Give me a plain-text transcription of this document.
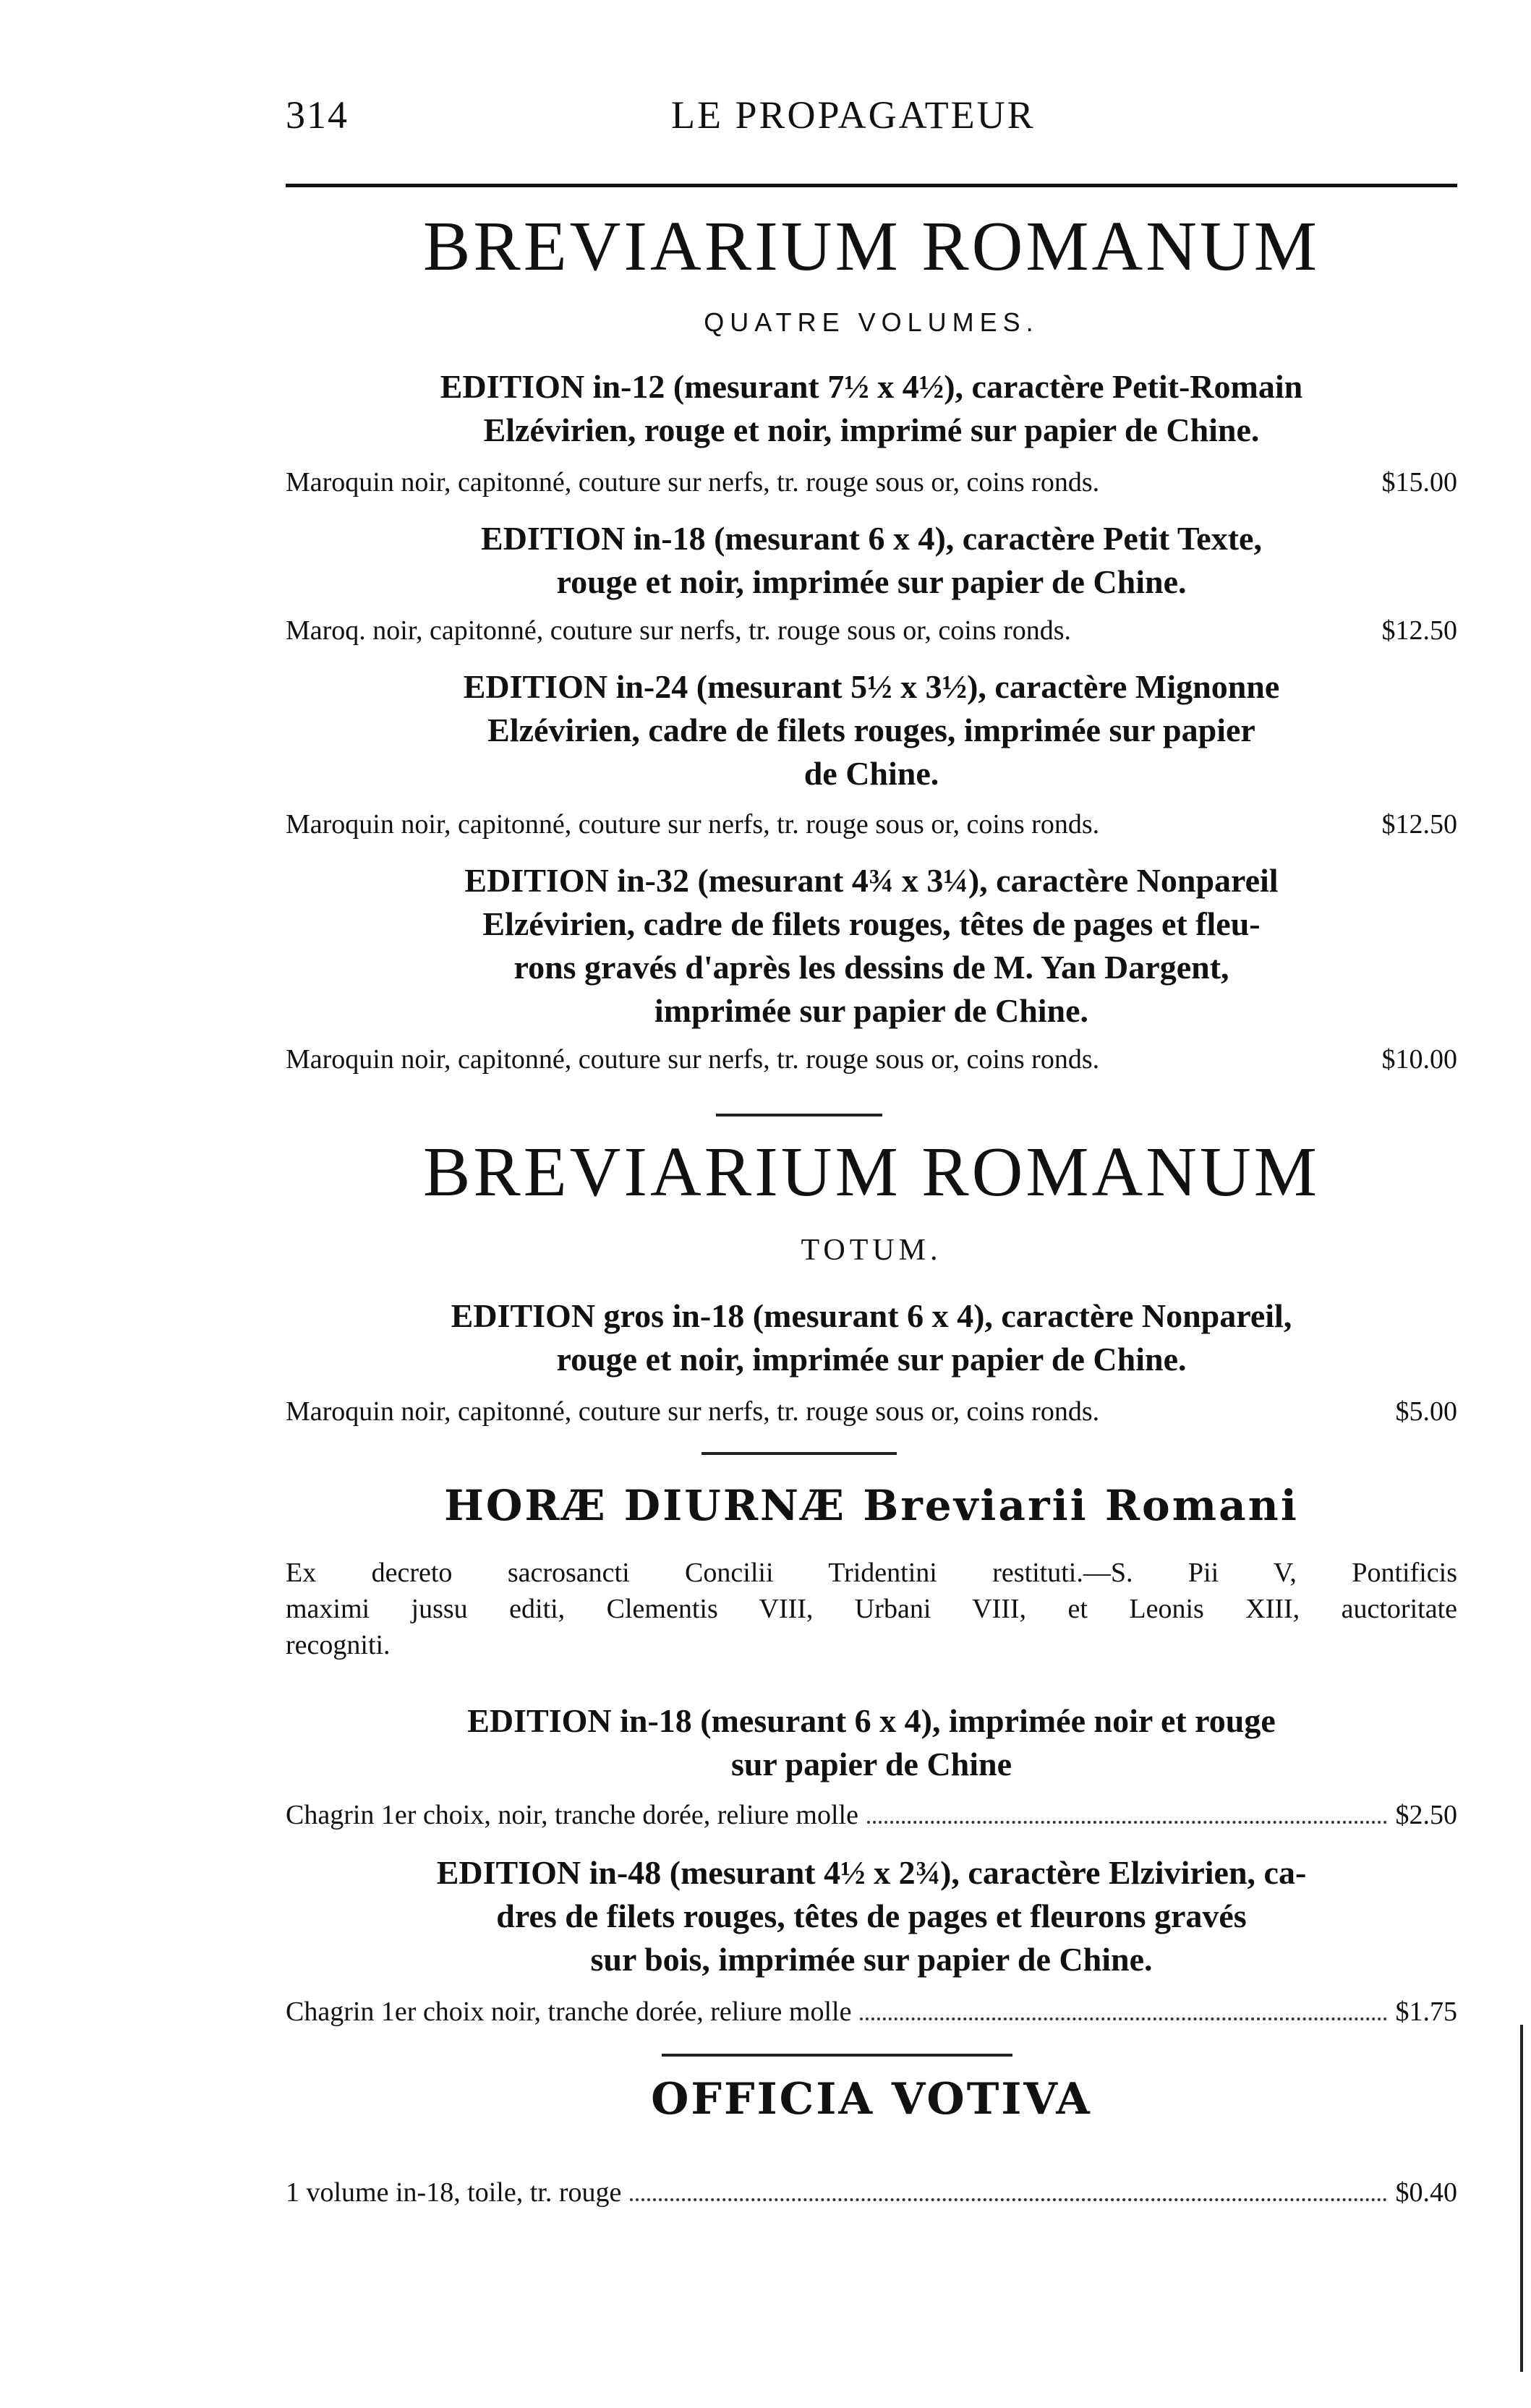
314	LE PROPAGATEUR
BREVIARIUM ROMANUM
QUATRE VOLUMES.
EDITION in-12 (mesurant 7½ x 4½), caractère Petit-Romain
Elzévirien, rouge et noir, imprimé sur papier de Chine.
Maroquin noir, capitonné, couture sur nerfs, tr. rouge sous or, coins ronds.	$15.00
EDITION in-18 (mesurant 6 x 4), caractère Petit Texte,
rouge et noir, imprimée sur papier de Chine.
Maroq. noir, capitonné, couture sur nerfs, tr. rouge sous or, coins ronds.	$12.50
EDITION in-24 (mesurant 5½ x 3½), caractère Mignonne
Elzévirien, cadre de filets rouges, imprimée sur papier
de Chine.
Maroquin noir, capitonné, couture sur nerfs, tr. rouge sous or, coins ronds.	$12.50
EDITION in-32 (mesurant 4¾ x 3¼), caractère Nonpareil
Elzévirien, cadre de filets rouges, têtes de pages et fleu-
rons gravés d'après les dessins de M. Yan Dargent,
imprimée sur papier de Chine.
Maroquin noir, capitonné, couture sur nerfs, tr. rouge sous or, coins ronds.	$10.00
BREVIARIUM ROMANUM
TOTUM.
EDITION gros in-18 (mesurant 6 x 4), caractère Nonpareil,
rouge et noir, imprimée sur papier de Chine.
Maroquin noir, capitonné, couture sur nerfs, tr. rouge sous or, coins ronds.	$5.00
HORÆ DIURNÆ Breviarii Romani
Ex decreto sacrosancti Concilii Tridentini restituti.—S. Pii V, Pontificis
maximi jussu editi, Clementis VIII, Urbani VIII, et Leonis XIII, auctoritate
recogniti.
EDITION in-18 (mesurant 6 x 4), imprimée noir et rouge
sur papier de Chine
Chagrin 1er choix, noir, tranche dorée, reliure molle	$2.50
EDITION in-48 (mesurant 4½ x 2¾), caractère Elzivirien, ca-
dres de filets rouges, têtes de pages et fleurons gravés
sur bois, imprimée sur papier de Chine.
Chagrin 1er choix noir, tranche dorée, reliure molle	$1.75
OFFICIA VOTIVA
1 volume in-18, toile, tr. rouge	$0.40
